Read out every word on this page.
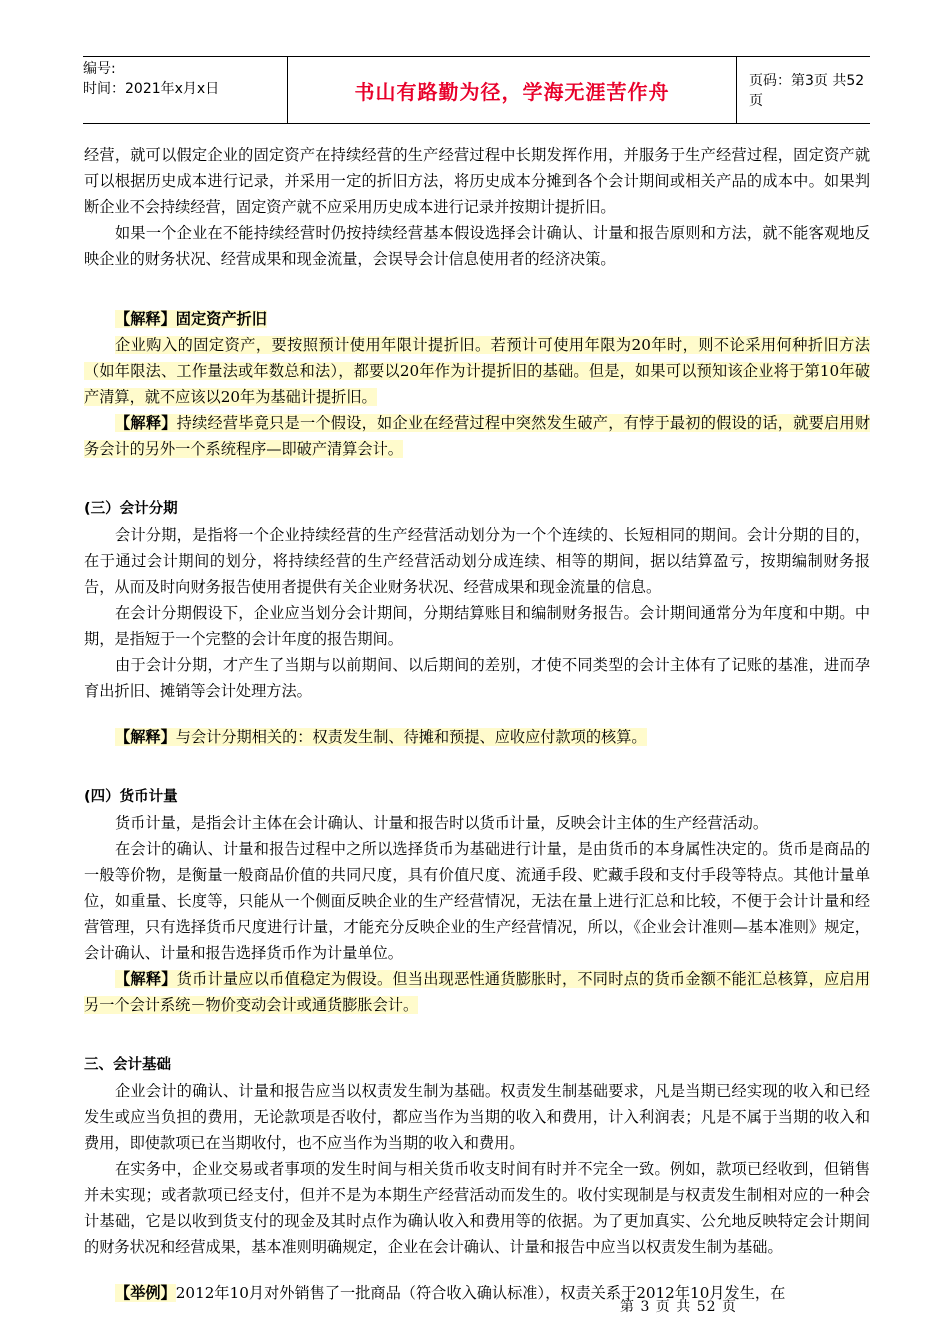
编号:
时间：2021年x月x日	书山有路勤为径，学海无涯苦作舟	页码：第3页 共52页

经营，就可以假定企业的固定资产在持续经营的生产经营过程中长期发挥作用，并服务于生产经营过程，固定资产就可以根据历史成本进行记录，并采用一定的折旧方法，将历史成本分摊到各个会计期间或相关产品的成本中。如果判断企业不会持续经营，固定资产就不应采用历史成本进行记录并按期计提折旧。

如果一个企业在不能持续经营时仍按持续经营基本假设选择会计确认、计量和报告原则和方法，就不能客观地反映企业的财务状况、经营成果和现金流量，会误导会计信息使用者的经济决策。

【解释】固定资产折旧

企业购入的固定资产，要按照预计使用年限计提折旧。若预计可使用年限为20年时，则不论采用何种折旧方法（如年限法、工作量法或年数总和法），都要以20年作为计提折旧的基础。但是，如果可以预知该企业将于第10年破产清算，就不应该以20年为基础计提折旧。

【解释】持续经营毕竟只是一个假设，如企业在经营过程中突然发生破产，有悖于最初的假设的话，就要启用财务会计的另外一个系统程序—即破产清算会计。

(三）会计分期

会计分期，是指将一个企业持续经营的生产经营活动划分为一个个连续的、长短相同的期间。会计分期的目的，在于通过会计期间的划分，将持续经营的生产经营活动划分成连续、相等的期间，据以结算盈亏，按期编制财务报告，从而及时向财务报告使用者提供有关企业财务状况、经营成果和现金流量的信息。

在会计分期假设下，企业应当划分会计期间，分期结算账目和编制财务报告。会计期间通常分为年度和中期。中期，是指短于一个完整的会计年度的报告期间。

由于会计分期，才产生了当期与以前期间、以后期间的差别，才使不同类型的会计主体有了记账的基准，进而孕育出折旧、摊销等会计处理方法。

【解释】与会计分期相关的：权责发生制、待摊和预提、应收应付款项的核算。

(四）货币计量

货币计量，是指会计主体在会计确认、计量和报告时以货币计量，反映会计主体的生产经营活动。

在会计的确认、计量和报告过程中之所以选择货币为基础进行计量，是由货币的本身属性决定的。货币是商品的一般等价物，是衡量一般商品价值的共同尺度，具有价值尺度、流通手段、贮藏手段和支付手段等特点。其他计量单位，如重量、长度等，只能从一个侧面反映企业的生产经营情况，无法在量上进行汇总和比较，不便于会计计量和经营管理，只有选择货币尺度进行计量，才能充分反映企业的生产经营情况，所以，《企业会计准则—基本准则》规定，会计确认、计量和报告选择货币作为计量单位。

【解释】货币计量应以币值稳定为假设。但当出现恶性通货膨胀时，不同时点的货币金额不能汇总核算，应启用另一个会计系统－物价变动会计或通货膨胀会计。

三、会计基础

企业会计的确认、计量和报告应当以权责发生制为基础。权责发生制基础要求，凡是当期已经实现的收入和已经发生或应当负担的费用，无论款项是否收付，都应当作为当期的收入和费用，计入利润表；凡是不属于当期的收入和费用，即使款项已在当期收付，也不应当作为当期的收入和费用。

在实务中，企业交易或者事项的发生时间与相关货币收支时间有时并不完全一致。例如，款项已经收到，但销售并未实现；或者款项已经支付，但并不是为本期生产经营活动而发生的。收付实现制是与权责发生制相对应的一种会计基础，它是以收到货支付的现金及其时点作为确认收入和费用等的依据。为了更加真实、公允地反映特定会计期间的财务状况和经营成果，基本准则明确规定，企业在会计确认、计量和报告中应当以权责发生制为基础。

【举例】2012年10月对外销售了一批商品（符合收入确认标准），权责关系于2012年10月发生，在

第 3 页 共 52 页
